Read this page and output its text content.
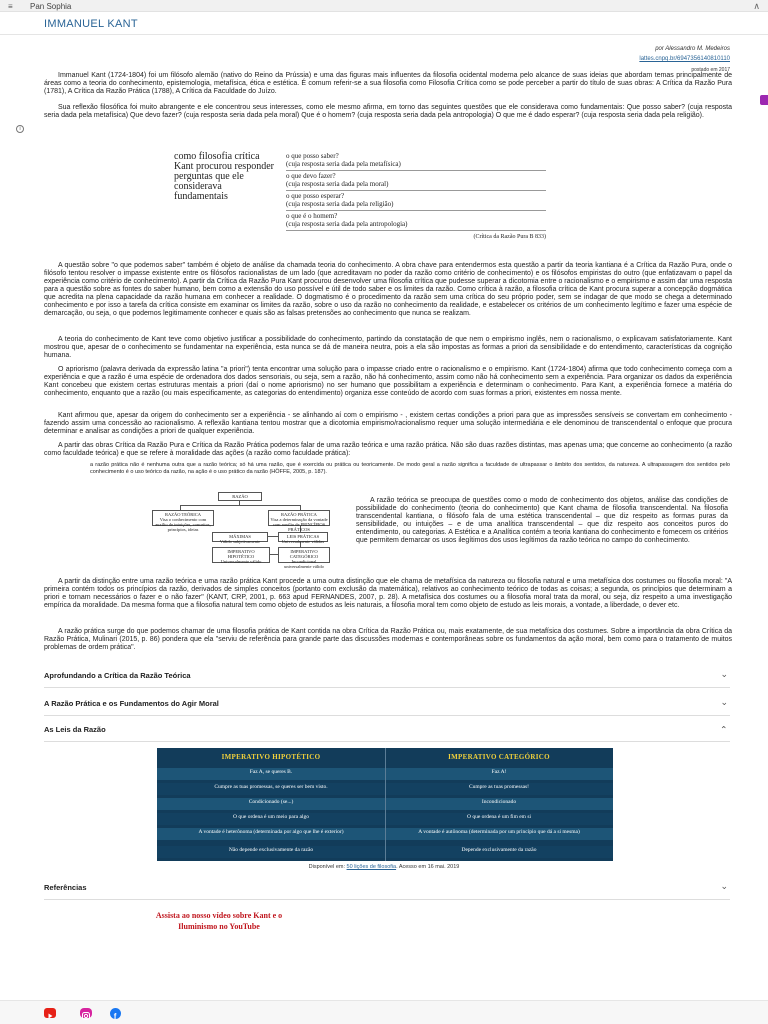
≡ Pan Sophia	∧
IMMANUEL KANT
por Alessandro M. Medeiros
lattes.cnpq.br/6947356140810110
postado em 2017
i

Immanuel Kant (1724-1804) foi um filósofo alemão (nativo do Reino da Prússia) e uma das figuras mais influentes da filosofia ocidental moderna pelo alcance de suas ideias que abordam temas principalmente de áreas como a teoria do conhecimento, epistemologia, metafísica, ética e estética. É comum referir-se a sua filosofia como Filosofia Crítica como se pode perceber a partir do título de suas obras: A Crítica da Razão Pura (1781), A Crítica da Razão Prática (1788), A Crítica da Faculdade do Juízo.

Sua reflexão filosófica foi muito abrangente e ele concentrou seus interesses, como ele mesmo afirma, em torno das seguintes questões que ele considerava como fundamentais: Que posso saber? (cuja resposta seria dada pela metafísica) Que devo fazer? (cuja resposta seria dada pela moral) Que é o homem? (cuja resposta seria dada pela antropologia) O que me é dado esperar? (cuja resposta seria dada pela religião).

como filosofia crítica Kant procurou responder perguntas que ele considerava fundamentais
o que posso saber?
(cuja resposta seria dada pela metafísica)
o que devo fazer?
(cuja resposta seria dada pela moral)
o que posso esperar?
(cuja resposta seria dada pela religião)
o que é o homem?
(cuja resposta seria dada pela antropologia)
(Crítica da Razão Pura B 833)

A questão sobre "o que podemos saber" também é objeto de análise da chamada teoria do conhecimento. A obra chave para entendermos esta questão a partir da teoria kantiana é a Crítica da Razão Pura, onde o filósofo tentou resolver o impasse existente entre os filósofos racionalistas de um lado (que acreditavam no poder da razão como critério de conhecimento) e os filósofos empiristas do outro (que enfatizavam o papel da experiência como critério de conhecimento). A partir da Crítica da Razão Pura Kant procurou desenvolver uma filosofia crítica que pudesse superar a dicotomia entre o racionalismo e o empirismo e assim dar uma resposta para a questão sobre as fontes do saber humano, bem como a extensão do uso possível e útil de todo saber e os limites da razão. Como crítica à razão, a filosofia crítica de Kant procura superar a concepção dogmática que acredita na plena capacidade da razão humana em conhecer a realidade. O dogmatismo é o procedimento da razão sem uma crítica do seu próprio poder, sem se indagar de que modo se chega a determinado conhecimento e por isso a tarefa da crítica consiste em examinar os limites da razão, sobre o uso da razão no conhecimento da realidade, e estabelecer os critérios de um conhecimento legítimo e fazer uma espécie de demarcação, ou seja, o que podemos legitimamente conhecer e quais são as falsas pretensões ao conhecimento que nunca se realizam.

A teoria do conhecimento de Kant teve como objetivo justificar a possibilidade do conhecimento, partindo da constatação de que nem o empirismo inglês, nem o racionalismo, o explicavam satisfatoriamente. Kant mostrou que, apesar de o conhecimento se fundamentar na experiência, esta nunca se dá de maneira neutra, pois a ela são impostas as formas a priori da sensibilidade e do entendimento, características da cognição humana.

O apriorismo (palavra derivada da expressão latina "a priori") tenta encontrar uma solução para o impasse criado entre o racionalismo e o empirismo. Kant (1724-1804) afirma que todo conhecimento começa com a experiência e que a razão é uma espécie de ordenadora dos dados sensoriais, ou seja, sem a razão, não há conhecimento, assim como não há conhecimento sem a experiência. Para organizar os dados da experiência Kant concebeu que existem certas estruturas mentais a priori (daí o nome apriorismo) no ser humano que possibilitam a experiência e determinam o conhecimento. Para Kant, a experiência fornece a matéria do conhecimento, enquanto que a razão (ou mais especificamente, as categorias do entendimento) organiza esse conteúdo de acordo com suas formas a priori, existentes em nossa mente.

Kant afirmou que, apesar da origem do conhecimento ser a experiência - se alinhando aí com o empirismo - , existem certas condições a priori para que as impressões sensíveis se convertam em conhecimento - fazendo assim uma concessão ao racionalismo. A reflexão kantiana tentou mostrar que a dicotomia empirismo/racionalismo requer uma solução intermediária e ele denominou de transcendental o enfoque que procura determinar e analisar as condições a priori de qualquer experiência.

A partir das obras Crítica da Razão Pura e Crítica da Razão Prática podemos falar de uma razão teórica e uma razão prática. Não são duas razões distintas, mas apenas uma; que concerne ao conhecimento (a razão como faculdade teórica) e que se refere à moralidade das ações (a razão como faculdade prática):

a razão prática não é nenhuma outra que a razão teórica; só há uma razão, que é exercida ou prática ou teoricamente. De modo geral a razão significa a faculdade de ultrapassar o âmbito dos sentidos, da natureza. A ultrapassagem dos sentidos pelo conhecimento é o uso teórico da razão, na ação é o uso prático da razão (HÖFFE, 2005, p. 187).

RAZÃO
RAZÃO TEÓRICA
Visa o conhecimento com auxílio de intuições, conceitos, princípios, ideias
RAZÃO PRÁTICA
Visa a determinação da vontade com auxílio de PRINCÍPIOS PRÁTICOS
MÁXIMAS
Válido subjetivamente
LEIS PRÁTICAS
Universalmente válidas
IMPERATIVO HIPOTÉTICO
Universalmente válido
IMPERATIVO CATEGÓRICO
Incondicional universalmente válido

A razão teórica se preocupa de questões como o modo de conhecimento dos objetos, análise das condições de possibilidade do conhecimento (teoria do conhecimento) que Kant chama de filosofia transcendental. Na filosofia transcendental kantiana, o filósofo fala de uma estética transcendental – que diz respeito as formas puras da sensibilidade, ou intuições – e de uma analítica transcendental – que diz respeito aos conceitos puros do entendimento, ou categorias. A Estética e a Analítica contém a teoria kantiana do conhecimento e fornecem os critérios que permitem demarcar os usos ilegítimos dos usos legítimos da razão teórica no campo do conhecimento.

A partir da distinção entre uma razão teórica e uma razão prática Kant procede a uma outra distinção que ele chama de metafísica da natureza ou filosofia natural e uma metafísica dos costumes ou filosofia moral: "A primeira contém todos os princípios da razão, derivados de simples conceitos (portanto com exclusão da matemática), relativos ao conhecimento teórico de todas as coisas; a segunda, os princípios que determinam a priori e tornam necessários o fazer e o não fazer" (KANT, CRP, 2001, p. 663 apud FERNANDES, 2007, p. 28). A metafísica dos costumes ou a filosofia moral trata da moral, ou seja, diz respeito a uma investigação empírica da moralidade. Da mesma forma que a filosofia natural tem como objeto de estudos as leis naturais, a filosofia moral tem como objeto de estudo as leis morais, a vontade, a liberdade, o dever etc.

A razão prática surge do que podemos chamar de uma filosofia prática de Kant contida na obra Crítica da Razão Prática ou, mais exatamente, de sua metafísica dos costumes. Sobre a importância da obra Crítica da Razão Prática, Mulinari (2015, p. 86) pondera que ela "serviu de referência para grande parte das discussões modernas e contemporâneas sobre os fundamentos da ação moral, bem como para o tratamento de muitos problemas de ordem prática".

Aprofundando a Crítica da Razão Teórica	⌄
A Razão Prática e os Fundamentos do Agir Moral	⌄
As Leis da Razão	⌄
IMPERATIVO HIPOTÉTICO	IMPERATIVO CATEGÓRICO
Faz A, se queres B.	Faz A!
Cumpre as tuas promessas, se queres ser bem visto.	Cumpre as tuas promessas!
Condicionado (se...)	Incondicionado
O que ordena é um meio para algo	O que ordena é um fim em si
A vontade é heterônoma (determinada por algo que lhe é exterior)	A vontade é autônoma (determinada por um princípio que dá a si mesma)
Não depende exclusivamente da razão	Depende exclusivamente da razão
Disponível em: 50 lições de filosofia. Acesso em 16 mai. 2019
Referências	⌄
Assista ao nosso vídeo sobre Kant e o
Iluminismo no YouTube
f
